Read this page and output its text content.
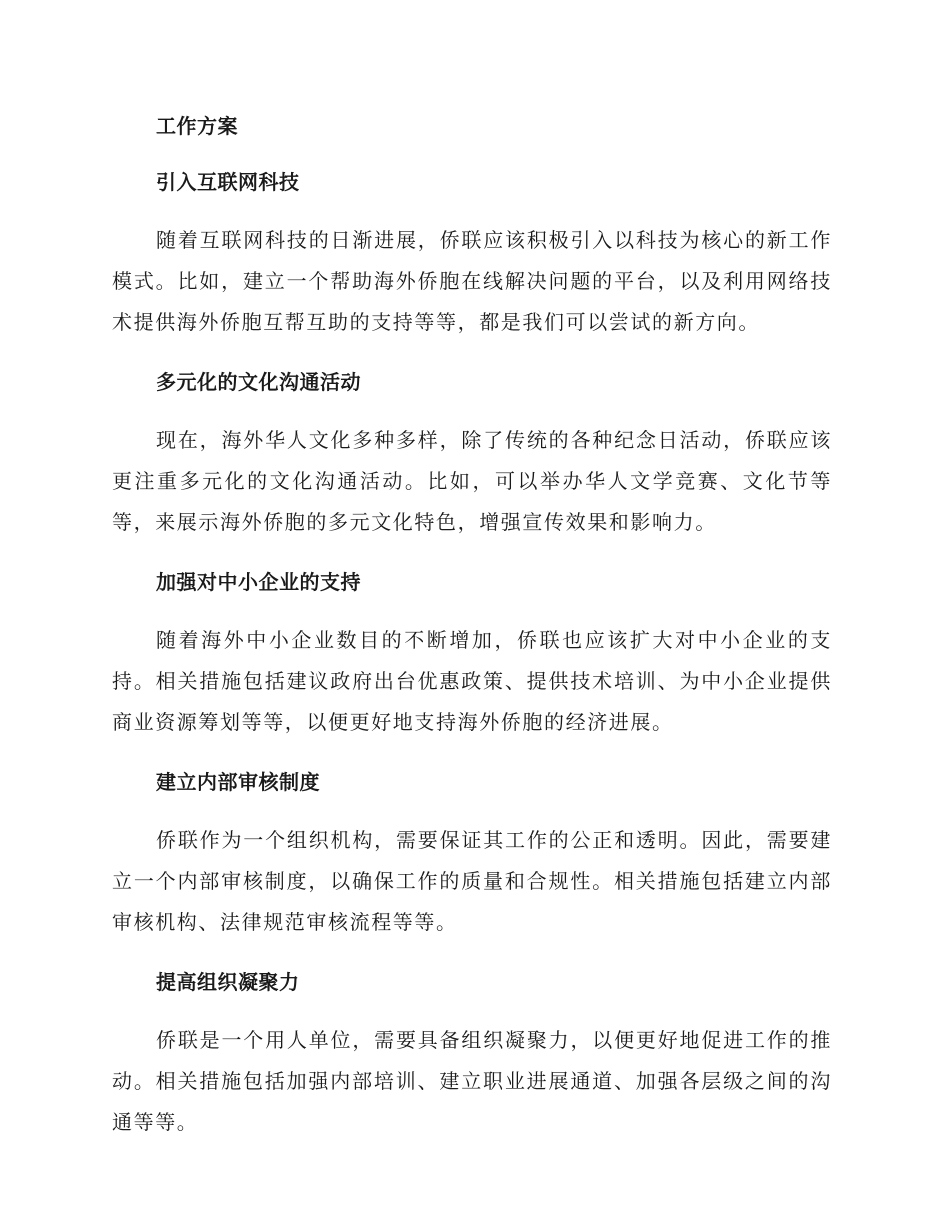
工作方案
引入互联网科技

随着互联网科技的日渐进展，侨联应该积极引入以科技为核心的新工作模式。比如，建立一个帮助海外侨胞在线解决问题的平台，以及利用网络技术提供海外侨胞互帮互助的支持等等，都是我们可以尝试的新方向。

多元化的文化沟通活动

现在，海外华人文化多种多样，除了传统的各种纪念日活动，侨联应该更注重多元化的文化沟通活动。比如，可以举办华人文学竞赛、文化节等等，来展示海外侨胞的多元文化特色，增强宣传效果和影响力。

加强对中小企业的支持

随着海外中小企业数目的不断增加，侨联也应该扩大对中小企业的支持。相关措施包括建议政府出台优惠政策、提供技术培训、为中小企业提供商业资源筹划等等，以便更好地支持海外侨胞的经济进展。

建立内部审核制度

侨联作为一个组织机构，需要保证其工作的公正和透明。因此，需要建立一个内部审核制度，以确保工作的质量和合规性。相关措施包括建立内部审核机构、法律规范审核流程等等。

提高组织凝聚力

侨联是一个用人单位，需要具备组织凝聚力，以便更好地促进工作的推动。相关措施包括加强内部培训、建立职业进展通道、加强各层级之间的沟通等等。
